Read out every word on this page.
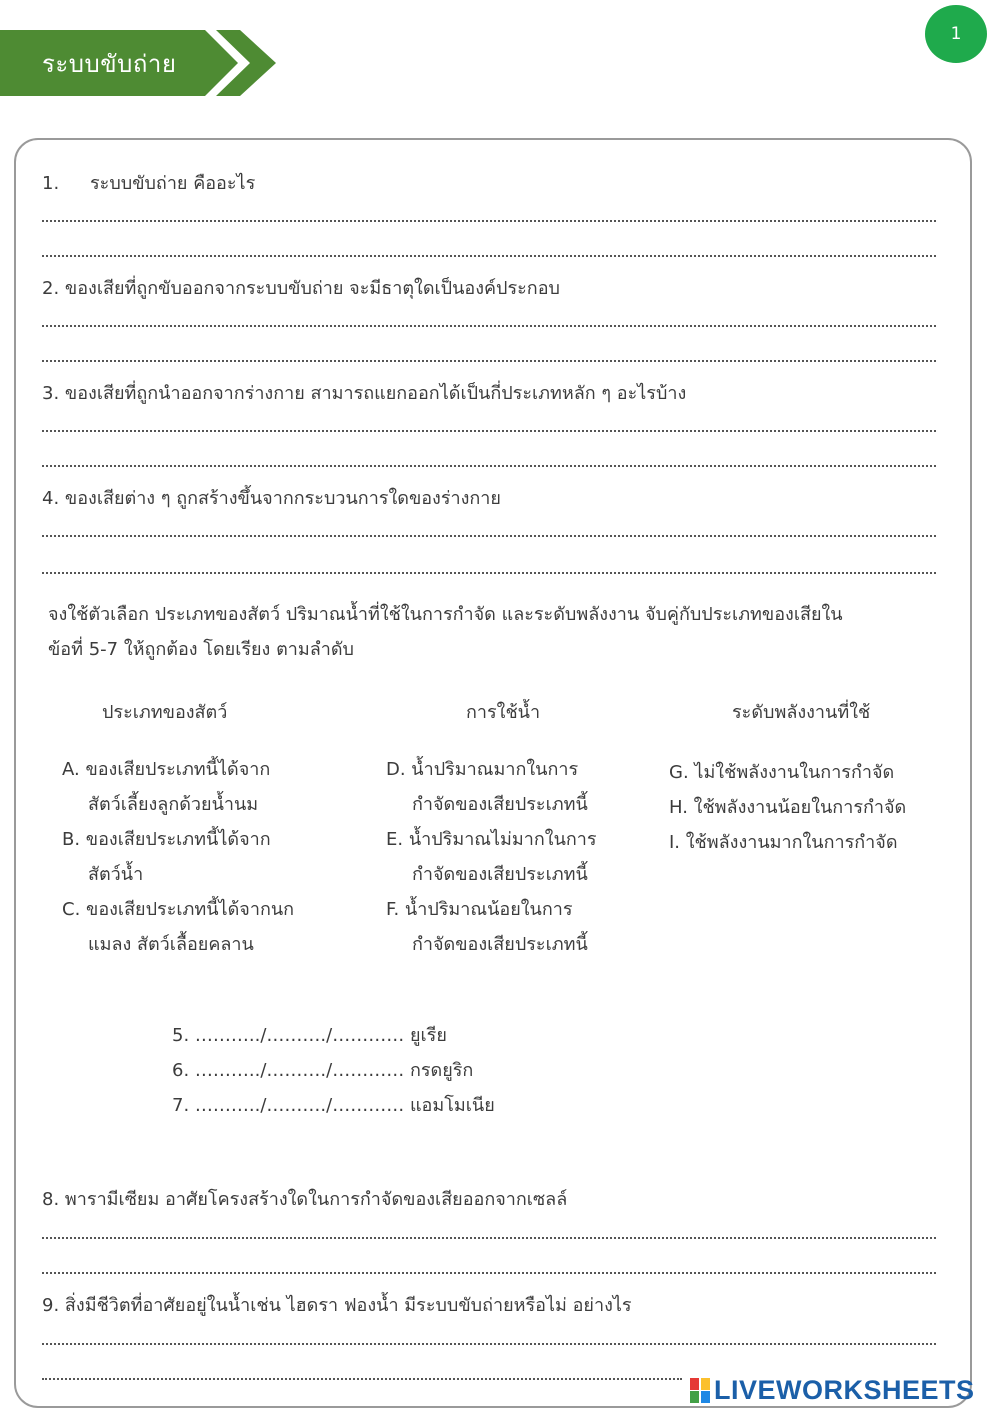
ระบบขับถ่าย
1
1. ระบบขับถ่าย คืออะไร
2. ของเสียที่ถูกขับออกจากระบบขับถ่าย จะมีธาตุใดเป็นองค์ประกอบ
3. ของเสียที่ถูกนำออกจากร่างกาย สามารถแยกออกได้เป็นกี่ประเภทหลัก ๆ อะไรบ้าง
4. ของเสียต่าง ๆ ถูกสร้างขึ้นจากกระบวนการใดของร่างกาย
จงใช้ตัวเลือก ประเภทของสัตว์ ปริมาณน้ำที่ใช้ในการกำจัด และระดับพลังงาน จับคู่กับประเภทของเสียใน
ข้อที่ 5-7 ให้ถูกต้อง โดยเรียง ตามลำดับ
ประเภทของสัตว์	การใช้น้ำ	ระดับพลังงานที่ใช้
A. ของเสียประเภทนี้ได้จาก
สัตว์เลี้ยงลูกด้วยน้ำนม
B. ของเสียประเภทนี้ได้จาก
สัตว์น้ำ
C. ของเสียประเภทนี้ได้จากนก
แมลง สัตว์เลื้อยคลาน
D. น้ำปริมาณมากในการ
กำจัดของเสียประเภทนี้
E. น้ำปริมาณไม่มากในการ
กำจัดของเสียประเภทนี้
F. น้ำปริมาณน้อยในการ
กำจัดของเสียประเภทนี้
G. ไม่ใช้พลังงานในการกำจัด
H. ใช้พลังงานน้อยในการกำจัด
I. ใช้พลังงานมากในการกำจัด
5. ………../………./………… ยูเรีย
6. ………../………./………… กรดยูริก
7. ………../………./………… แอมโมเนีย
8. พารามีเซียม อาศัยโครงสร้างใดในการกำจัดของเสียออกจากเซลล์
9. สิ่งมีชีวิตที่อาศัยอยู่ในน้ำเช่น ไฮดรา ฟองน้ำ มีระบบขับถ่ายหรือไม่ อย่างไร
LIVEWORKSHEETS
